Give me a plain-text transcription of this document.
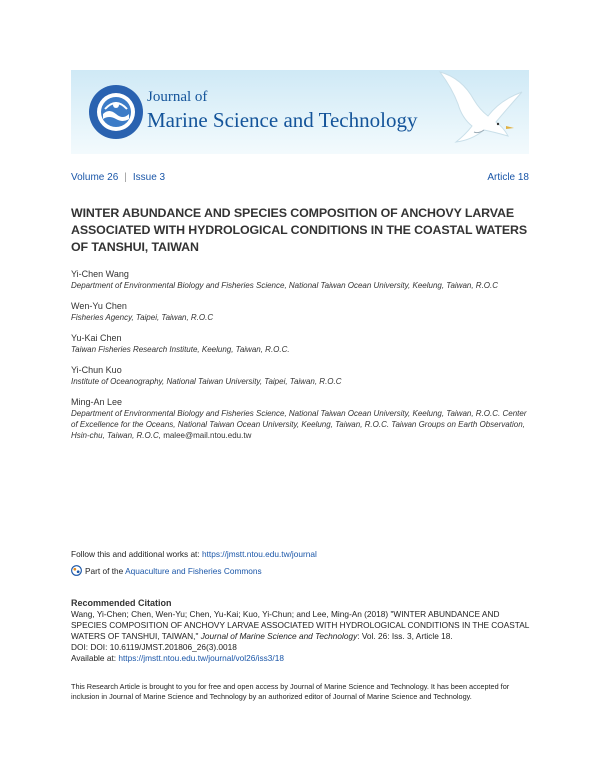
Journal of
Marine Science and Technology
Volume 26 | Issue 3	Article 18
WINTER ABUNDANCE AND SPECIES COMPOSITION OF ANCHOVY LARVAE ASSOCIATED WITH HYDROLOGICAL CONDITIONS IN THE COASTAL WATERS OF TANSHUI, TAIWAN
Yi-Chen Wang
Department of Environmental Biology and Fisheries Science, National Taiwan Ocean University, Keelung, Taiwan, R.O.C
Wen-Yu Chen
Fisheries Agency, Taipei, Taiwan, R.O.C
Yu-Kai Chen
Taiwan Fisheries Research Institute, Keelung, Taiwan, R.O.C.
Yi-Chun Kuo
Institute of Oceanography, National Taiwan University, Taipei, Taiwan, R.O.C
Ming-An Lee
Department of Environmental Biology and Fisheries Science, National Taiwan Ocean University, Keelung, Taiwan, R.O.C. Center of Excellence for the Oceans, National Taiwan Ocean University, Keelung, Taiwan, R.O.C. Taiwan Groups on Earth Observation, Hsin-chu, Taiwan, R.O.C, malee@mail.ntou.edu.tw
Follow this and additional works at: https://jmstt.ntou.edu.tw/journal
Part of the Aquaculture and Fisheries Commons
Recommended Citation
Wang, Yi-Chen; Chen, Wen-Yu; Chen, Yu-Kai; Kuo, Yi-Chun; and Lee, Ming-An (2018) "WINTER ABUNDANCE AND SPECIES COMPOSITION OF ANCHOVY LARVAE ASSOCIATED WITH HYDROLOGICAL CONDITIONS IN THE COASTAL WATERS OF TANSHUI, TAIWAN," Journal of Marine Science and Technology: Vol. 26: Iss. 3, Article 18.
DOI: DOI: 10.6119/JMST.201806_26(3).0018
Available at: https://jmstt.ntou.edu.tw/journal/vol26/iss3/18
This Research Article is brought to you for free and open access by Journal of Marine Science and Technology. It has been accepted for inclusion in Journal of Marine Science and Technology by an authorized editor of Journal of Marine Science and Technology.
